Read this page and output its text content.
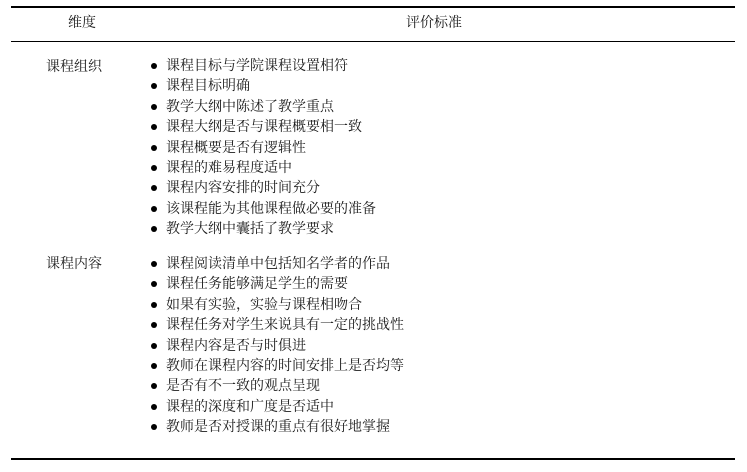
维度	评价标准
课程组织	课程目标与学院课程设置相符
课程目标明确
教学大纲中陈述了教学重点
课程大纲是否与课程概要相一致
课程概要是否有逻辑性
课程的难易程度适中
课程内容安排的时间充分
该课程能为其他课程做必要的准备
教学大纲中囊括了教学要求
课程内容	课程阅读清单中包括知名学者的作品
课程任务能够满足学生的需要
如果有实验，实验与课程相吻合
课程任务对学生来说具有一定的挑战性
课程内容是否与时俱进
教师在课程内容的时间安排上是否均等
是否有不一致的观点呈现
课程的深度和广度是否适中
教师是否对授课的重点有很好地掌握
